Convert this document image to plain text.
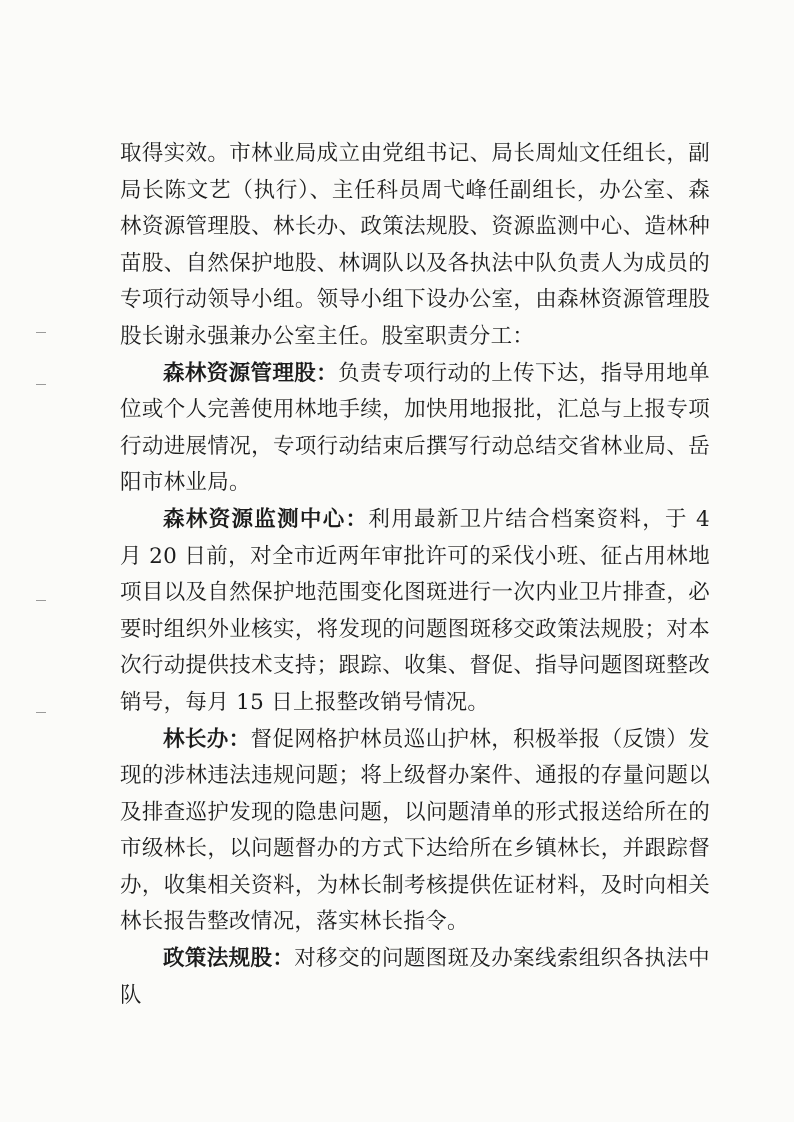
取得实效。市林业局成立由党组书记、局长周灿文任组长，副局长陈文艺（执行）、主任科员周弋峰任副组长，办公室、森林资源管理股、林长办、政策法规股、资源监测中心、造林种苗股、自然保护地股、林调队以及各执法中队负责人为成员的专项行动领导小组。领导小组下设办公室，由森林资源管理股股长谢永强兼办公室主任。股室职责分工：

森林资源管理股：负责专项行动的上传下达，指导用地单位或个人完善使用林地手续，加快用地报批，汇总与上报专项行动进展情况，专项行动结束后撰写行动总结交省林业局、岳阳市林业局。

森林资源监测中心：利用最新卫片结合档案资料，于 4 月 20 日前，对全市近两年审批许可的采伐小班、征占用林地项目以及自然保护地范围变化图斑进行一次内业卫片排查，必要时组织外业核实，将发现的问题图斑移交政策法规股；对本次行动提供技术支持；跟踪、收集、督促、指导问题图斑整改销号，每月 15 日上报整改销号情况。

林长办：督促网格护林员巡山护林，积极举报（反馈）发现的涉林违法违规问题；将上级督办案件、通报的存量问题以及排查巡护发现的隐患问题，以问题清单的形式报送给所在的市级林长，以问题督办的方式下达给所在乡镇林长，并跟踪督办，收集相关资料，为林长制考核提供佐证材料，及时向相关林长报告整改情况，落实林长指令。

政策法规股：对移交的问题图斑及办案线索组织各执法中队
